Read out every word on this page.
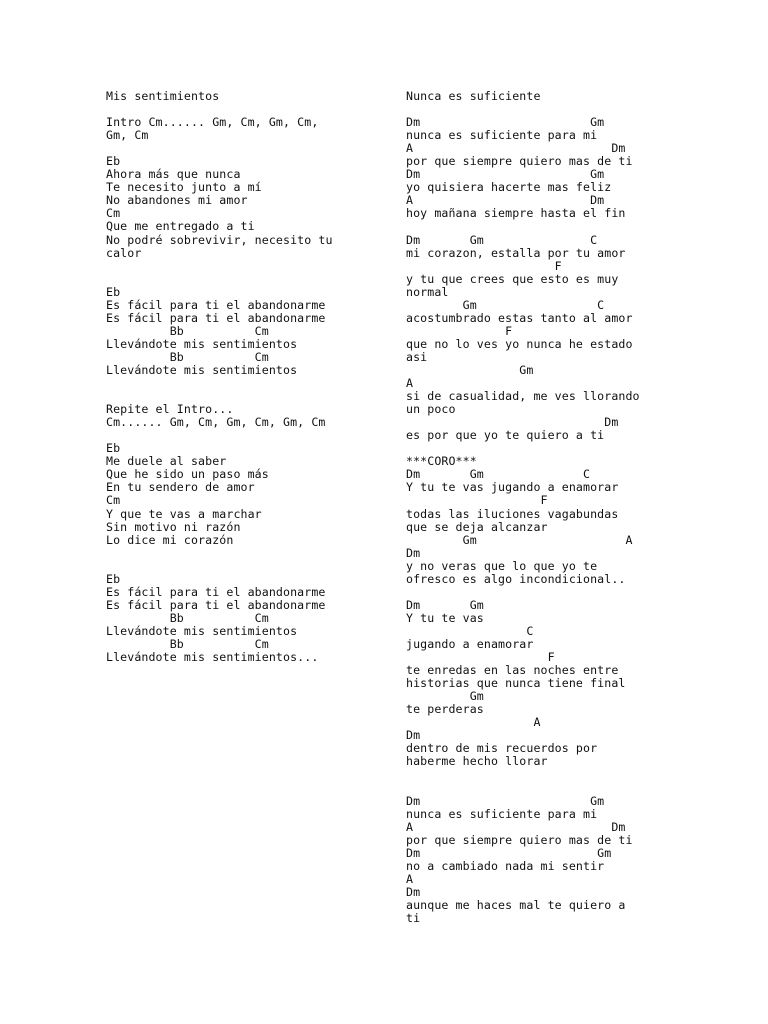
Mis sentimientos

Intro Cm...... Gm, Cm, Gm, Cm,
Gm, Cm

Eb
Ahora más que nunca
Te necesito junto a mí
No abandones mi amor
Cm
Que me entregado a ti
No podré sobrevivir, necesito tu
calor

Eb
Es fácil para ti el abandonarme
Es fácil para ti el abandonarme
Bb          Cm
Llevándote mis sentimientos
Bb          Cm
Llevándote mis sentimientos

Repite el Intro...
Cm...... Gm, Cm, Gm, Cm, Gm, Cm

Eb
Me duele al saber
Que he sido un paso más
En tu sendero de amor
Cm
Y que te vas a marchar
Sin motivo ni razón
Lo dice mi corazón

Eb
Es fácil para ti el abandonarme
Es fácil para ti el abandonarme
Bb          Cm
Llevándote mis sentimientos
Bb          Cm
Llevándote mis sentimientos...
Nunca es suficiente

Dm                        Gm
nunca es suficiente para mi
A                            Dm
por que siempre quiero mas de ti
Dm                        Gm
yo quisiera hacerte mas feliz
A                         Dm
hoy mañana siempre hasta el fin

Dm       Gm               C
mi corazon, estalla por tu amor
F
y tu que crees que esto es muy
normal
Gm                 C
acostumbrado estas tanto al amor
F
que no lo ves yo nunca he estado
asi
Gm
A
si de casualidad, me ves llorando
un poco
Dm
es por que yo te quiero a ti

***CORO***
Dm       Gm              C
Y tu te vas jugando a enamorar
F
todas las iluciones vagabundas
que se deja alcanzar
Gm                     A
Dm
y no veras que lo que yo te
ofresco es algo incondicional..

Dm       Gm
Y tu te vas
C
jugando a enamorar
F
te enredas en las noches entre
historias que nunca tiene final
Gm
te perderas
A
Dm
dentro de mis recuerdos por
haberme hecho llorar

Dm                        Gm
nunca es suficiente para mi
A                            Dm
por que siempre quiero mas de ti
Dm                         Gm
no a cambiado nada mi sentir
A
Dm
aunque me haces mal te quiero a
ti
